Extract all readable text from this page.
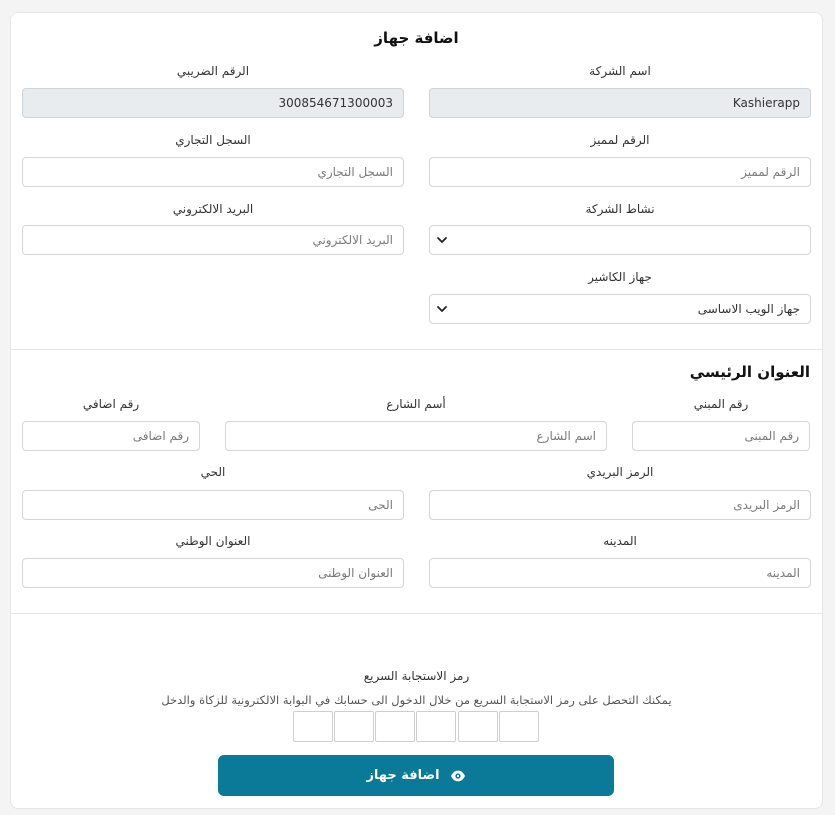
اضافة جهاز
اسم الشركة
الرقم الضريبي
Kashierapp
300854671300003
الرقم لمميز
السجل التجاري
الرقم لمميز
السجل التجاري
نشاط الشركة
البريد الالكتروني
البريد الالكتروني
جهاز الكاشير
جهاز الويب الاساسى
العنوان الرئيسي
رقم المبني
أسم الشارع
رقم اضافي
رقم المبنى
اسم الشارع
رقم اضافى
الرمز البريدي
الحي
الرمز البريدى
الحى
المدينه
العنوان الوطني
المدينه
العنوان الوطنى
رمز الاستجابة السريع
يمكنك التحصل على رمز الاستجابة السريع من خلال الدخول الى حسابك في البوابة الالكترونية للزكاة والدخل
اضافة جهاز
